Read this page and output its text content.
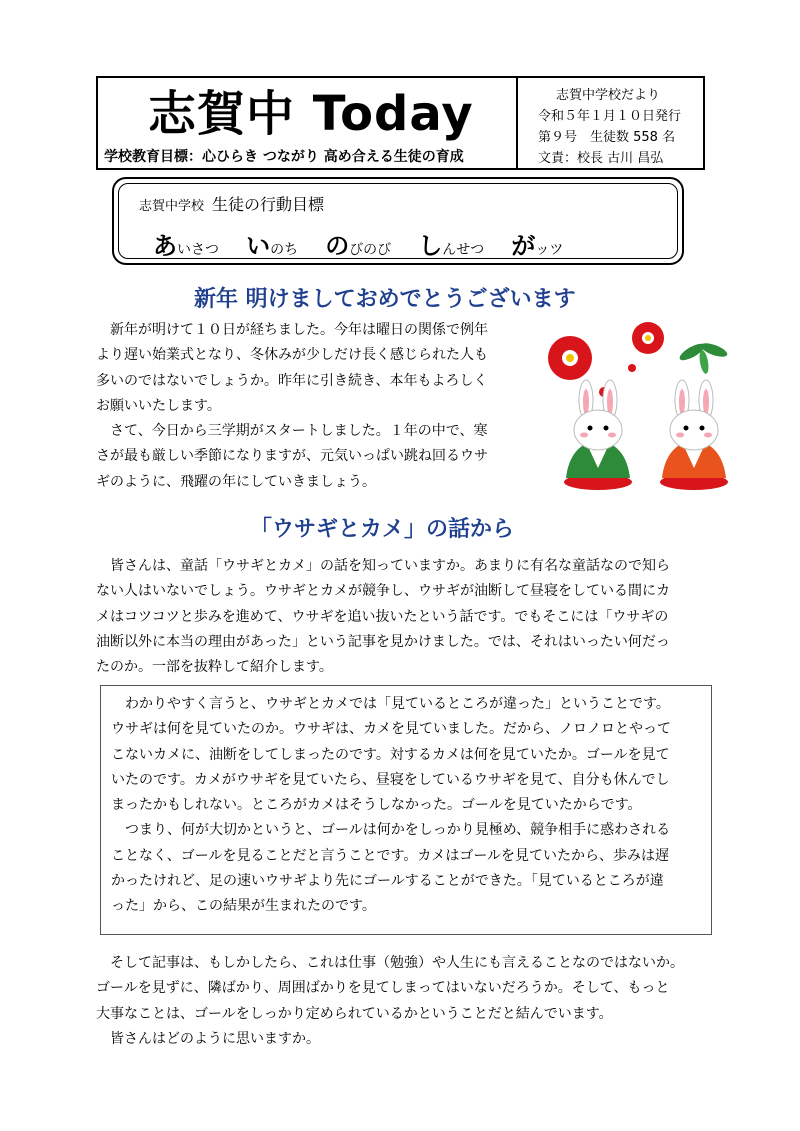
志賀中 Today
学校教育目標：心ひらき つながり 高め合える生徒の育成
志賀中学校だより
令和５年１月１０日発行
第９号　生徒数 558 名
文責：校長 古川 昌弘
志賀中学校 生徒の行動目標
あいさつ いのち のびのび しんせつ がッツ
新年 明けましておめでとうございます

　新年が明けて１０日が経ちました。今年は曜日の関係で例年

より遅い始業式となり、冬休みが少しだけ長く感じられた人も

多いのではないでしょうか。昨年に引き続き、本年もよろしく

お願いいたします。

　さて、今日から三学期がスタートしました。１年の中で、寒

さが最も厳しい季節になりますが、元気いっぱい跳ね回るウサ

ギのように、飛躍の年にしていきましょう。

「ウサギとカメ」の話から

　皆さんは、童話「ウサギとカメ」の話を知っていますか。あまりに有名な童話なので知ら

ない人はいないでしょう。ウサギとカメが競争し、ウサギが油断して昼寝をしている間にカ

メはコツコツと歩みを進めて、ウサギを追い抜いたという話です。でもそこには「ウサギの

油断以外に本当の理由があった」という記事を見かけました。では、それはいったい何だっ

たのか。一部を抜粋して紹介します。

　わかりやすく言うと、ウサギとカメでは「見ているところが違った」ということです。

ウサギは何を見ていたのか。ウサギは、カメを見ていました。だから、ノロノロとやって

こないカメに、油断をしてしまったのです。対するカメは何を見ていたか。ゴールを見て

いたのです。カメがウサギを見ていたら、昼寝をしているウサギを見て、自分も休んでし

まったかもしれない。ところがカメはそうしなかった。ゴールを見ていたからです。

　つまり、何が大切かというと、ゴールは何かをしっかり見極め、競争相手に惑わされる

ことなく、ゴールを見ることだと言うことです。カメはゴールを見ていたから、歩みは遅

かったけれど、足の速いウサギより先にゴールすることができた。「見ているところが違

った」から、この結果が生まれたのです。

　そして記事は、もしかしたら、これは仕事（勉強）や人生にも言えることなのではないか。

ゴールを見ずに、隣ばかり、周囲ばかりを見てしまってはいないだろうか。そして、もっと

大事なことは、ゴールをしっかり定められているかということだと結んでいます。

　皆さんはどのように思いますか。
